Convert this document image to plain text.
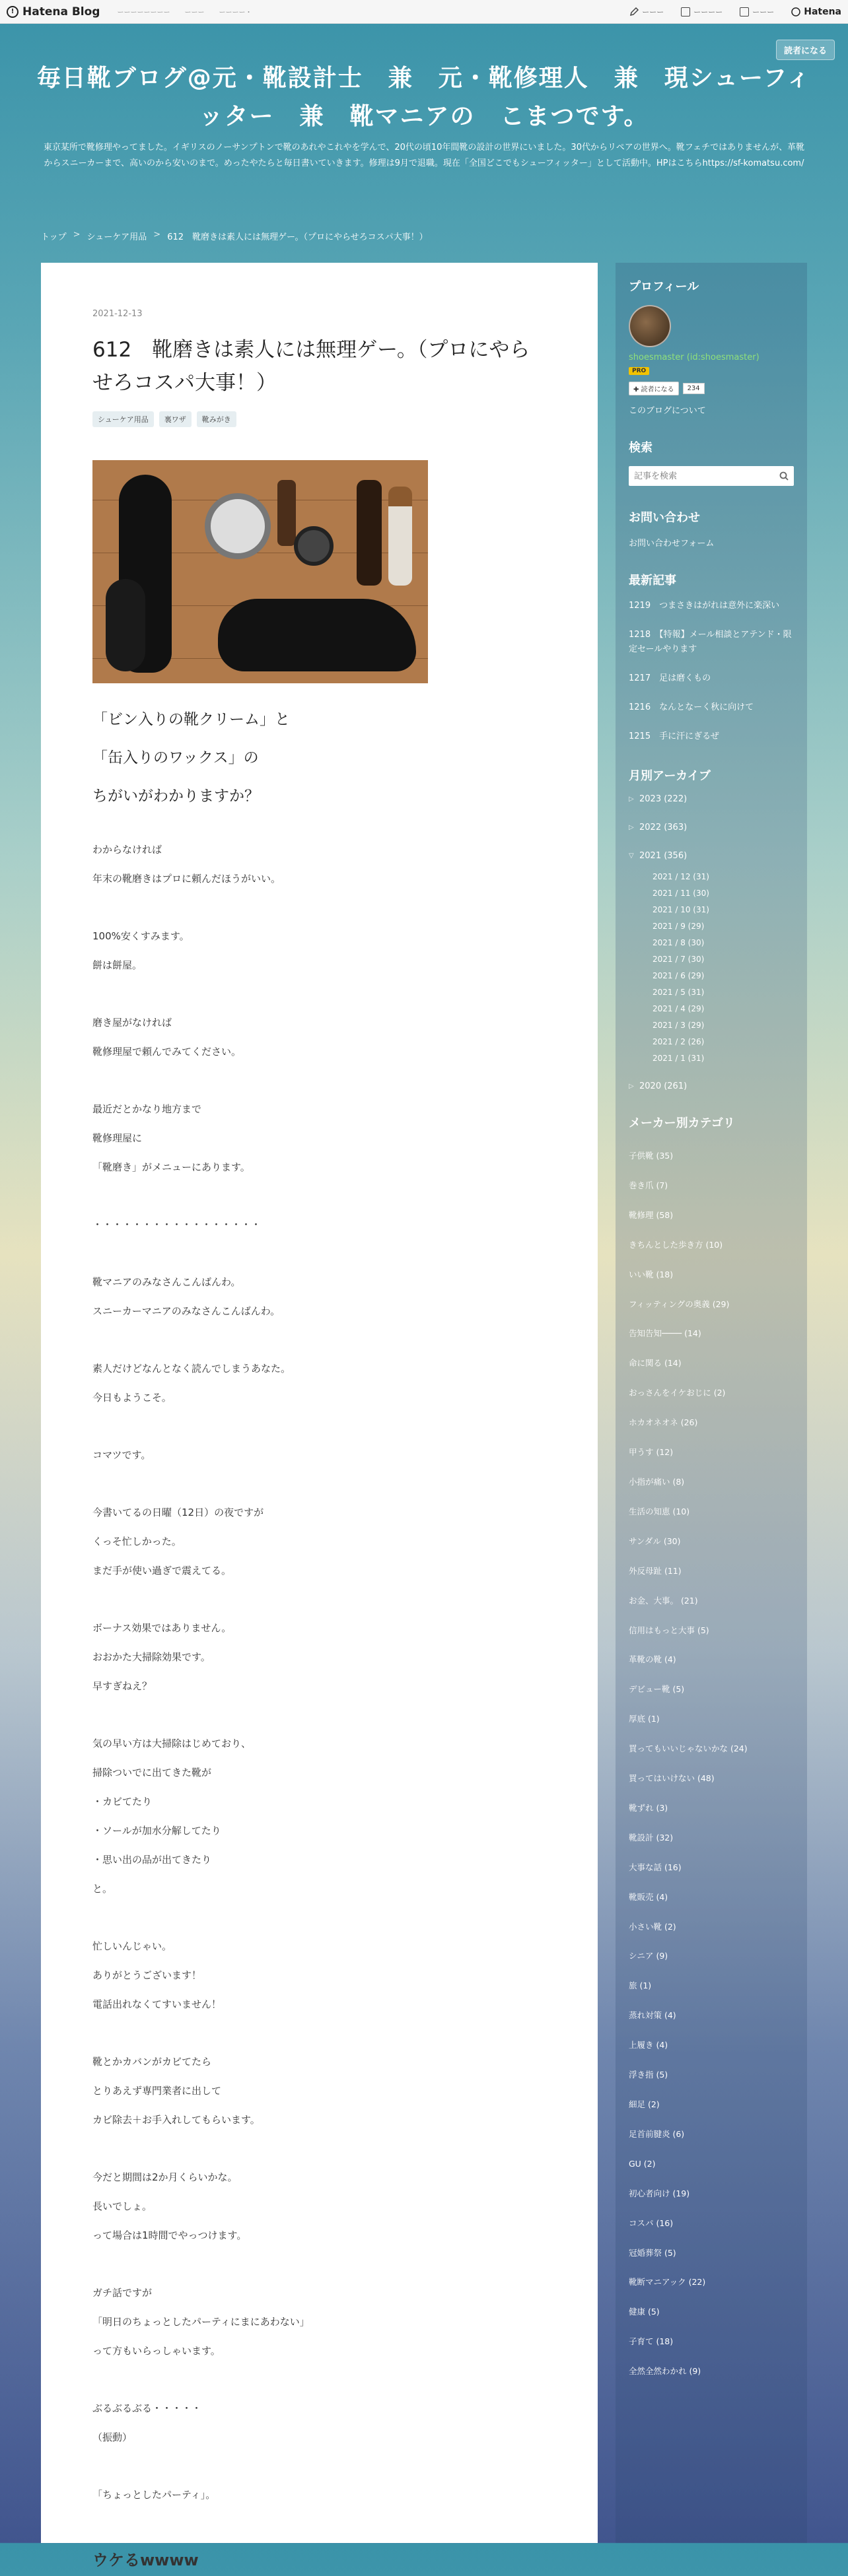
! Hatena Blog	ーーーーーーーー ーーー ーーーー・	ーーー	ーーーー	ーーー	Hatena
読者になる
毎日靴ブログ@元・靴設計士　兼　元・靴修理人　兼　現シューフィッター　兼　靴マニアの　こまつです。

東京某所で靴修理やってました。イギリスのノーサンプトンで靴のあれやこれやを学んで、20代の頃10年間靴の設計の世界にいました。30代からリペアの世界へ。靴フェチではありませんが、革靴からスニーカーまで、高いのから安いのまで。めったやたらと毎日書いていきます。修理は9月で退職。現在「全国どこでもシューフィッター」として活動中。HPはこちらhttps://sf-komatsu.com/

トップ > シューケア用品 > 612　靴磨きは素人には無理ゲー。（プロにやらせろコスパ大事！）
2021-12-13
612　靴磨きは素人には無理ゲー。（プロにやらせろコスパ大事！）
シューケア用品	裏ワザ	靴みがき
「ビン入りの靴クリーム」と
「缶入りのワックス」の
ちがいがわかりますか？
わからなければ
年末の靴磨きはプロに頼んだほうがいい。
100%安くすみます。
餅は餅屋。
磨き屋がなければ
靴修理屋で頼んでみてください。
最近だとかなり地方まで
靴修理屋に
「靴磨き」がメニューにあります。
・・・・・・・・・・・・・・・・・
靴マニアのみなさんこんばんわ。
スニーカーマニアのみなさんこんばんわ。
素人だけどなんとなく読んでしまうあなた。
今日もようこそ。
コマツです。
今書いてるの日曜（12日）の夜ですが
くっそ忙しかった。
まだ手が使い過ぎで震えてる。
ボーナス効果ではありません。
おおかた大掃除効果です。
早すぎねえ？
気の早い方は大掃除はじめており、
掃除ついでに出てきた靴が
・カビてたり
・ソールが加水分解してたり
・思い出の品が出てきたり
と。
忙しいんじゃい。
ありがとうございます！
電話出れなくてすいません！
靴とかカバンがカビてたら
とりあえず専門業者に出して
カビ除去＋お手入れしてもらいます。
今だと期間は2か月くらいかな。
長いでしょ。
って場合は1時間でやっつけます。
ガチ話ですが
「明日のちょっとしたパーティにまにあわない」
って方もいらっしゃいます。
ぶるぶるぶる・・・・・
（振動）
「ちょっとしたパーティ」。
ウケるwwww
プロフィール
shoesmaster (id:shoesmaster)
PRO
✚ 読者になる	234
このブログについて
検索
記事を検索
お問い合わせ
お問い合わせフォーム
最新記事
1219　つまさきはがれは意外に楽深い
1218　【特報】メール相談とアテンド・限定セールやります
1217　足は磨くもの
1216　なんとなーく秋に向けて
1215　手に汗にぎるぜ
月別アーカイブ
▷ 2023 (222)
▷ 2022 (363)
▽ 2021 (356)
2021 / 12 (31)
2021 / 11 (30)
2021 / 10 (31)
2021 / 9 (29)
2021 / 8 (30)
2021 / 7 (30)
2021 / 6 (29)
2021 / 5 (31)
2021 / 4 (29)
2021 / 3 (29)
2021 / 2 (26)
2021 / 1 (31)
▷ 2020 (261)
メーカー別カテゴリ
子供靴 (35)
巻き爪 (7)
靴修理 (58)
きちんとした歩き方 (10)
いい靴 (18)
フィッティングの奥義 (29)
告知告知──── (14)
命に関る (14)
おっさんをイケおじに (2)
ホカオネオネ (26)
甲うす (12)
小指が痛い (8)
生活の知恵 (10)
サンダル (30)
外反母趾 (11)
お金、大事。 (21)
信用はもっと大事 (5)
革靴の靴 (4)
デビュー靴 (5)
厚底 (1)
買ってもいいじゃないかな (24)
買ってはいけない (48)
靴ずれ (3)
靴設計 (32)
大事な話 (16)
靴販売 (4)
小さい靴 (2)
シニア (9)
旅 (1)
蒸れ対策 (4)
上履き (4)
浮き指 (5)
細足 (2)
足首前腱炎 (6)
GU (2)
初心者向け (19)
コスパ (16)
冠婚葬祭 (5)
靴断マニアック (22)
健康 (5)
子育て (18)
全然全然わかれ (9)
